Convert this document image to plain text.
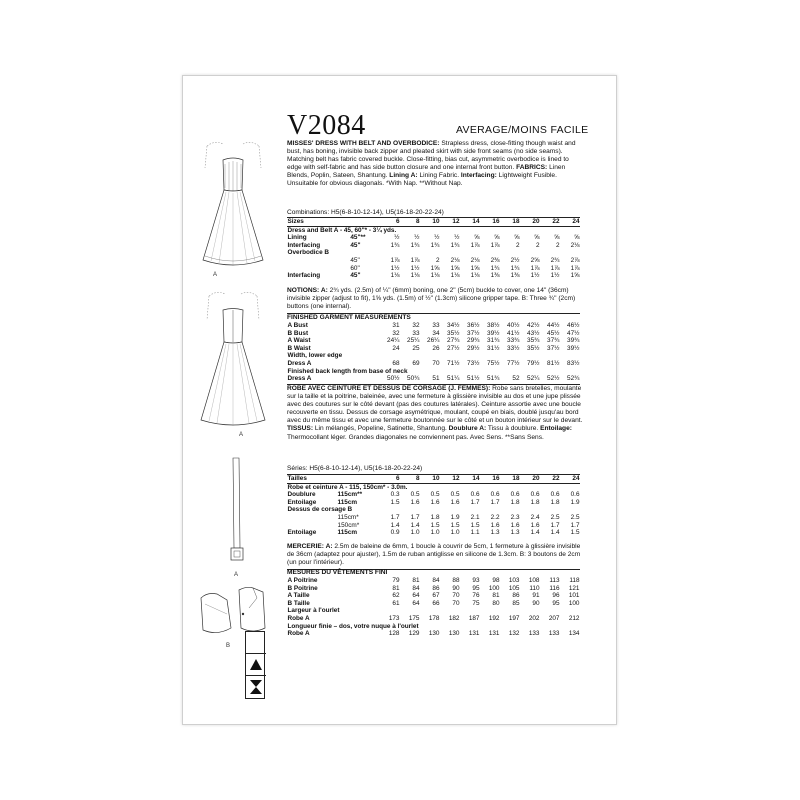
A
A
A
B
V2084	AVERAGE/MOINS FACILE
MISSES' DRESS WITH BELT AND OVERBODICE: Strapless dress, close-fitting though waist and bust, has boning, invisible back zipper and pleated skirt with side front seams (no side seams). Matching belt has fabric covered buckle. Close-fitting, bias cut, asymmetric overbodice is lined to edge with self-fabric and has side button closure and one internal front button. FABRICS: Linen Blends, Poplin, Sateen, Shantung. Lining A: Lining Fabric. Interfacing: Lightweight Fusible. Unsuitable for obvious diagonals. *With Nap. **Without Nap.
Combinations: H5(6-8-10-12-14), U5(16-18-20-22-24)
Sizes		6	8	10	12	14	16	18	20	22	24
Dress and Belt A - 45, 60"* - 3¼ yds.											
Lining	45"**	½	½	½	½	⅝	⅝	⅝	⅝	⅝	⅝
Interfacing	45"	1¾	1¾	1¾	1¾	1⅞	1⅞	2	2	2	2⅛
Overbodice B											
	45"	1⅞	1⅞	2	2⅛	2⅛	2⅜	2½	2⅝	2¾	2⅞
	60"	1½	1½	1⅝	1⅝	1⅝	1¾	1¾	1⅞	1⅞	1⅞
Interfacing	45"	1⅛	1⅛	1⅛	1⅛	1⅛	1⅜	1⅜	1½	1½	1⅝
NOTIONS: A: 2¾ yds. (2.5m) of ¼" (6mm) boning, one 2" (5cm) buckle to cover, one 14" (36cm) invisible zipper (adjust to fit), 1⅝ yds. (1.5m) of ½" (1.3cm) silicone gripper tape. B: Three ¾" (2cm) buttons (one internal).
FINISHED GARMENT MEASUREMENTS
A Bust		31	32	33	34½	36½	38½	40½	42½	44½	46½
B Bust		32	33	34	35½	37½	39½	41½	43½	45½	47½
A Waist		24¼	25¼	26¼	27¾	29¾	31¾	33¾	35¾	37¾	39¾
B Waist		24	25	26	27½	29½	31½	33½	35½	37½	39½
Width, lower edge											
Dress A		68	69	70	71½	73½	75½	77½	79½	81½	83½
Finished back length from base of neck											
Dress A		50½	50¾	51	51¼	51½	51¾	52	52¼	52½	52¾
ROBE AVEC CEINTURE ET DESSUS DE CORSAGE (J. FEMMES): Robe sans bretelles, moulante sur la taille et la poitrine, baleinée, avec une fermeture à glissière invisible au dos et une jupe plissée avec des coutures sur le côté devant (pas des coutures latérales). Ceinture assortie avec une boucle recouverte en tissu. Dessus de corsage asymétrique, moulant, coupé en biais, doublé jusqu'au bord avec du même tissu et avec une fermeture boutonnée sur le côté et un bouton intérieur sur le devant. TISSUS: Lin mélangés, Popeline, Satinette, Shantung. Doublure A: Tissu à doublure. Entoilage: Thermocollant léger. Grandes diagonales ne conviennent pas. Avec Sens. **Sans Sens.
Séries: H5(6-8-10-12-14), U5(16-18-20-22-24)
Tailles		6	8	10	12	14	16	18	20	22	24
Robe et ceinture A - 115, 150cm* - 3.0m.											
Doublure	115cm**	0.3	0.5	0.5	0.5	0.6	0.6	0.6	0.6	0.6	0.6
Entoilage	115cm	1.5	1.6	1.6	1.6	1.7	1.7	1.8	1.8	1.8	1.9
Dessus de corsage B											
	115cm*	1.7	1.7	1.8	1.9	2.1	2.2	2.3	2.4	2.5	2.5
	150cm*	1.4	1.4	1.5	1.5	1.5	1.6	1.6	1.6	1.7	1.7
Entoilage	115cm	0.9	1.0	1.0	1.0	1.1	1.3	1.3	1.4	1.4	1.5
MERCERIE: A: 2.5m de baleine de 6mm, 1 boucle à couvrir de 5cm, 1 fermeture à glissière invisible de 36cm (adaptez pour ajuster), 1.5m de ruban antiglisse en silicone de 1.3cm. B: 3 boutons de 2cm (un pour l'intérieur).
MESURES DU VÊTEMENTS FINI
A Poitrine		79	81	84	88	93	98	103	108	113	118
B Poitrine		81	84	86	90	95	100	105	110	116	121
A Taille		62	64	67	70	76	81	86	91	96	101
B Taille		61	64	66	70	75	80	85	90	95	100
Largeur à l'ourlet											
Robe A		173	175	178	182	187	192	197	202	207	212
Longueur finie – dos, votre nuque à l'ourlet											
Robe A		128	129	130	130	131	131	132	133	133	134
